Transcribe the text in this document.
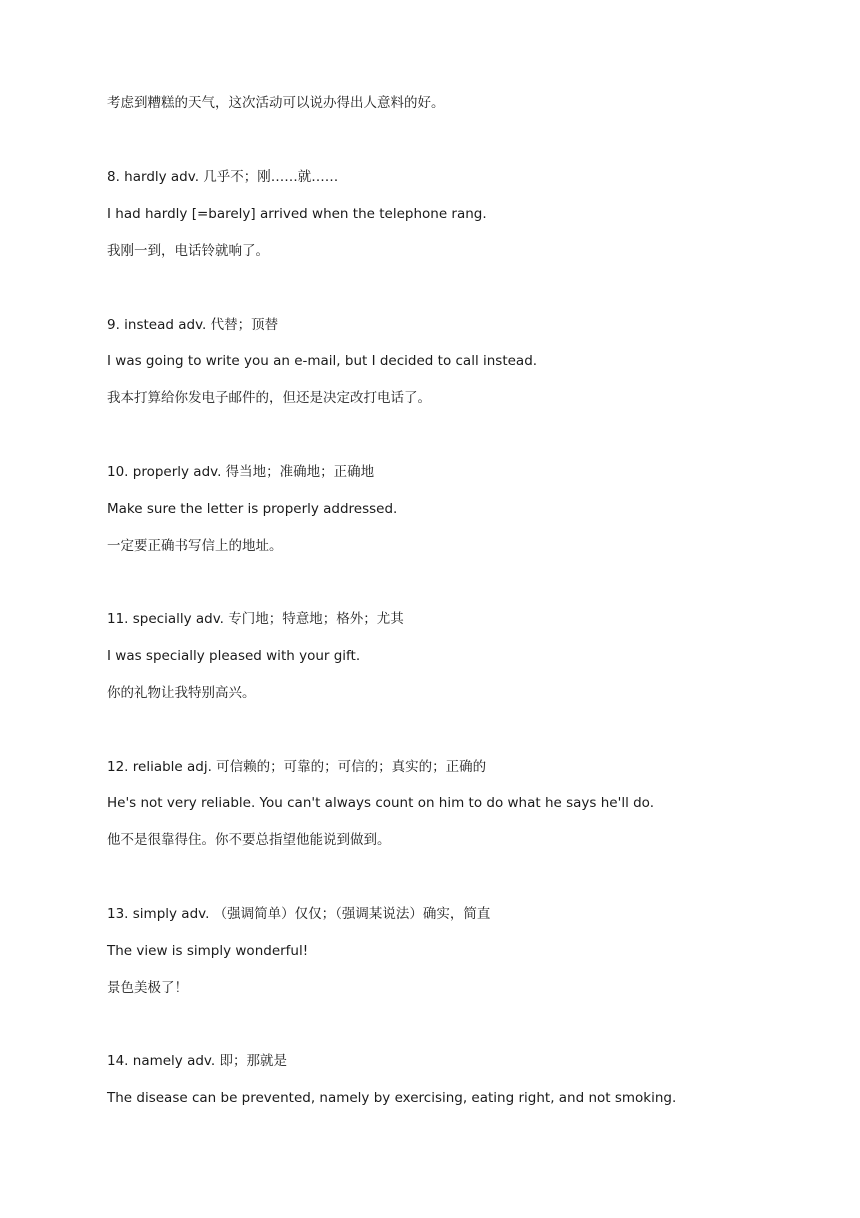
考虑到糟糕的天气，这次活动可以说办得出人意料的好。
8. hardly adv. 几乎不；刚……就……
I had hardly [=barely] arrived when the telephone rang.
我刚一到，电话铃就响了。
9. instead adv. 代替；顶替
I was going to write you an e-mail, but I decided to call instead.
我本打算给你发电子邮件的，但还是决定改打电话了。
10. properly adv. 得当地；准确地；正确地
Make sure the letter is properly addressed.
一定要正确书写信上的地址。
11. specially adv. 专门地；特意地；格外；尤其
I was specially pleased with your gift.
你的礼物让我特别高兴。
12. reliable adj. 可信赖的；可靠的；可信的；真实的；正确的
He's not very reliable. You can't always count on him to do what he says he'll do.
他不是很靠得住。你不要总指望他能说到做到。
13. simply adv. （强调简单）仅仅；（强调某说法）确实，简直
The view is simply wonderful!
景色美极了！
14. namely adv. 即；那就是
The disease can be prevented, namely by exercising, eating right, and not smoking.
